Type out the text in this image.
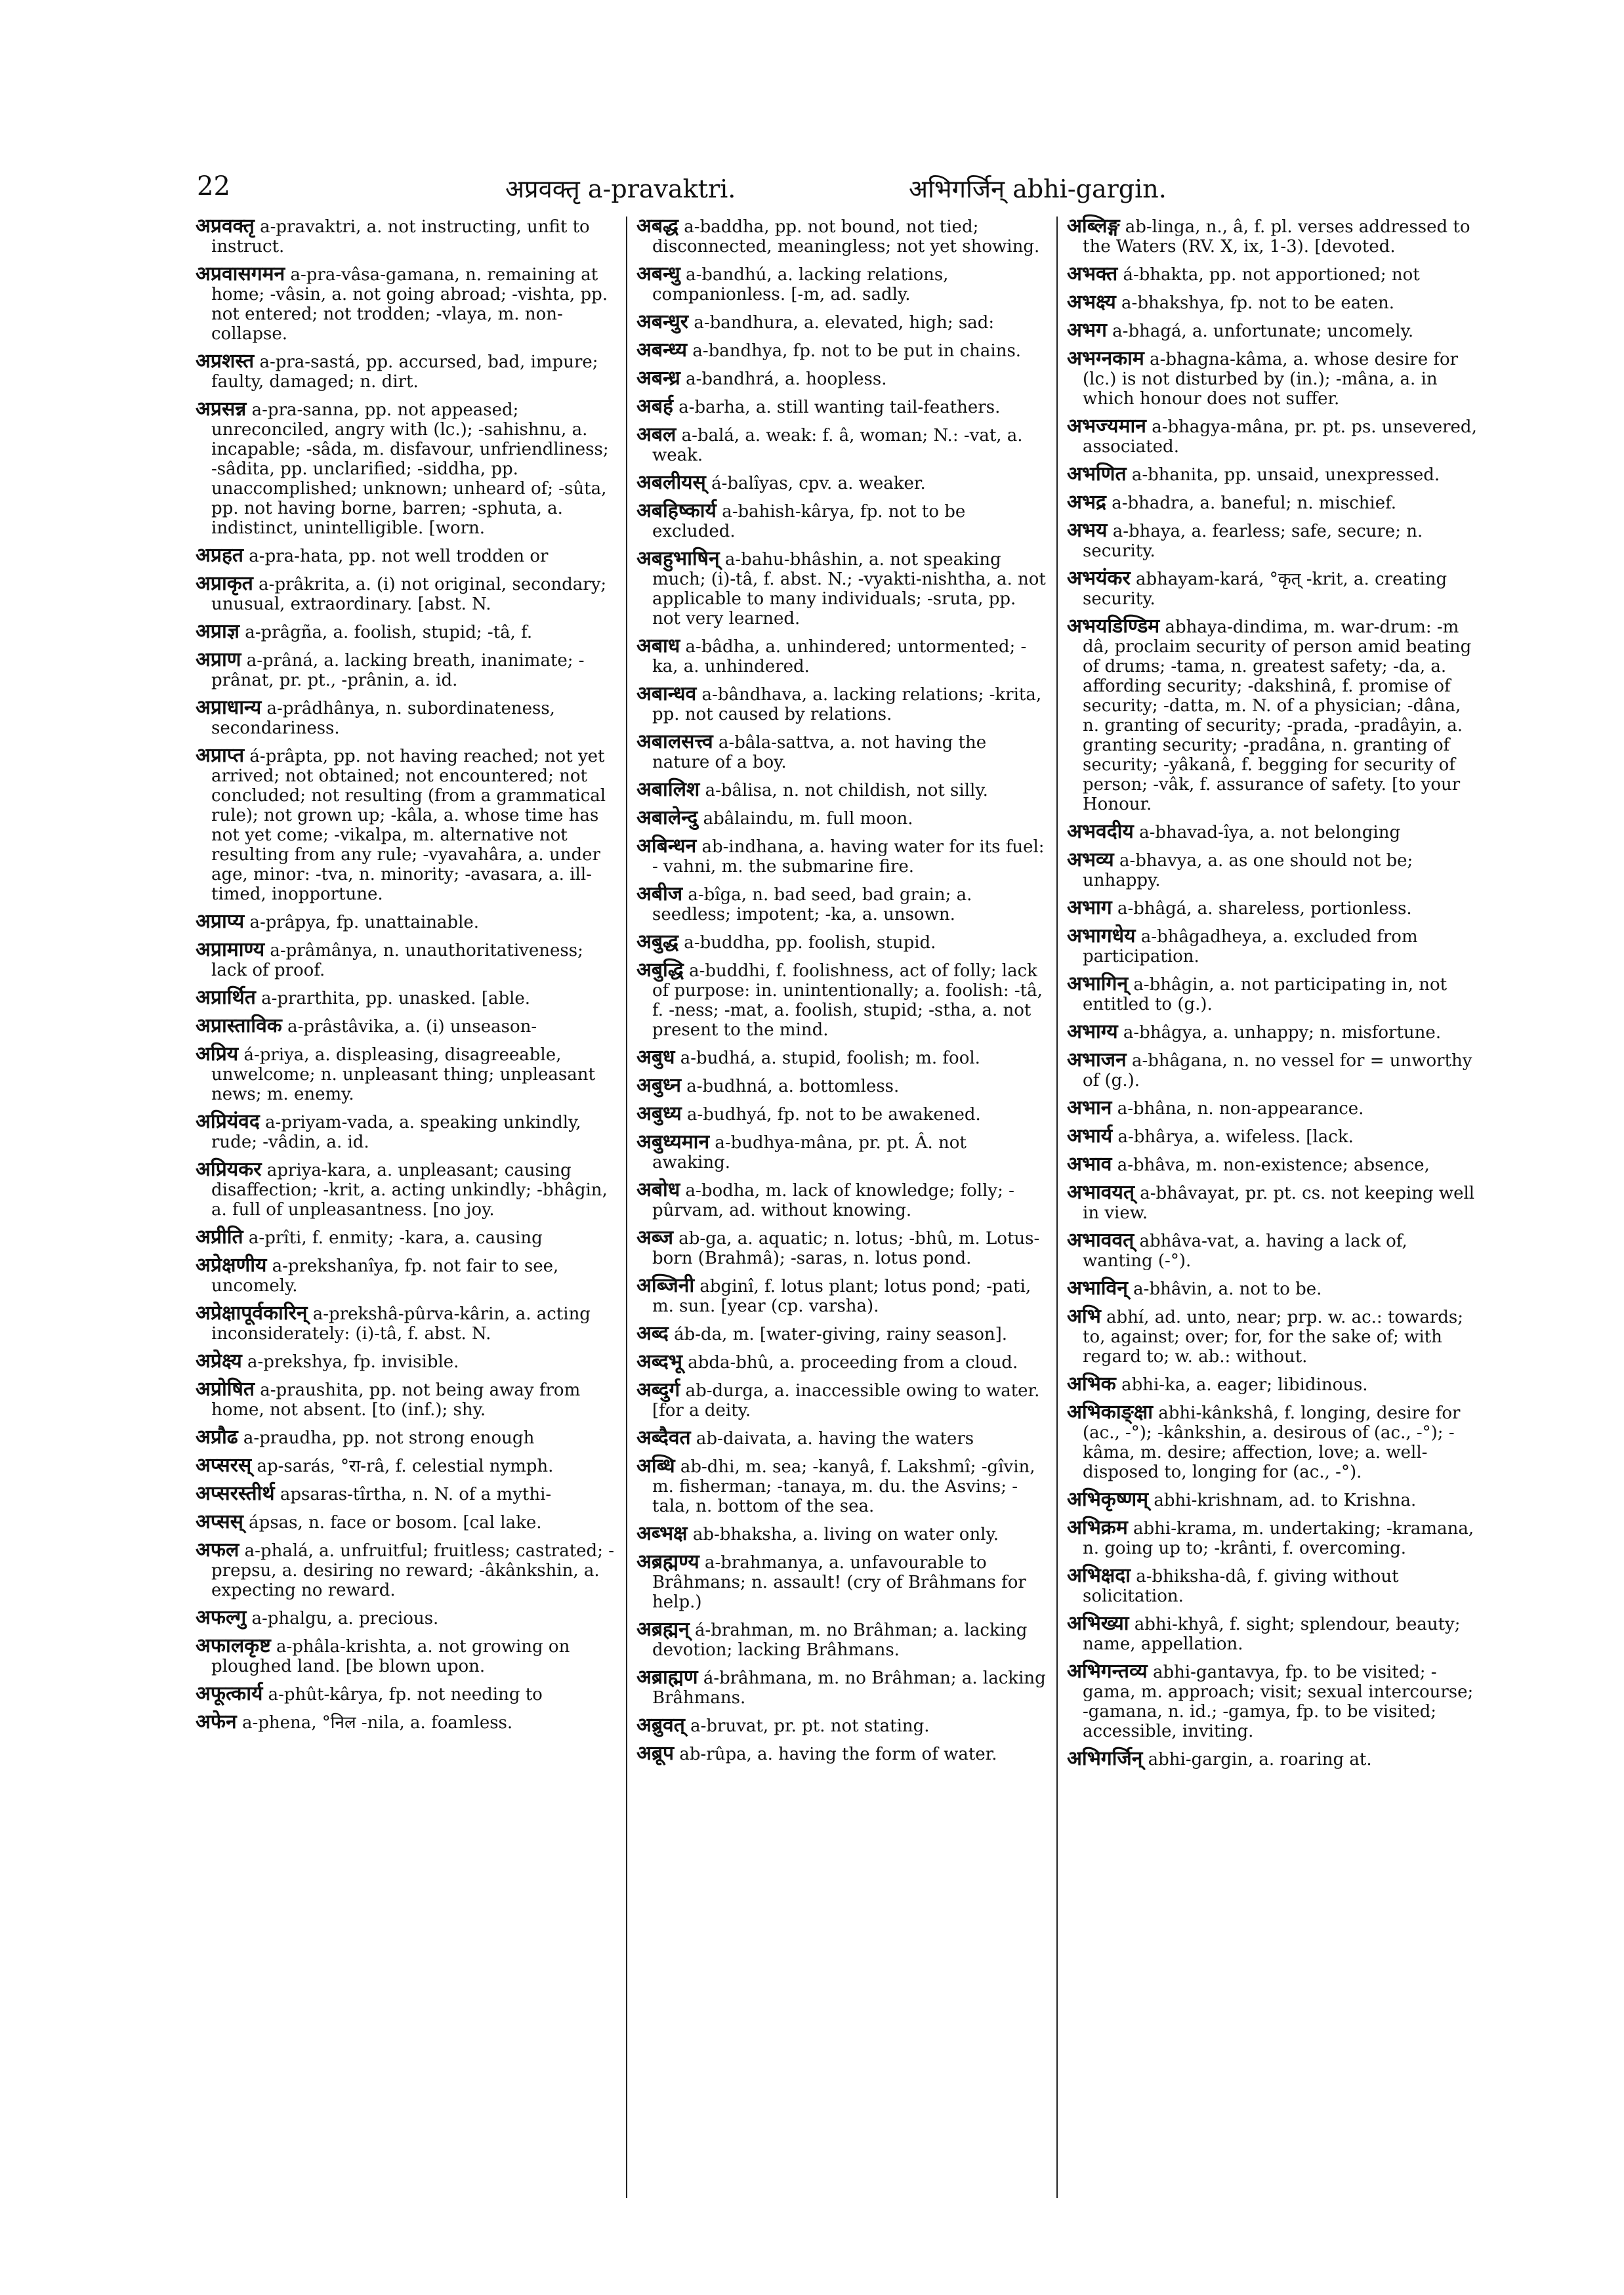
22	अप्रवक्तृ a-pravaktri.	अभिगर्जिन् abhi-gargin.

अप्रवक्तृ a-pravaktri, a. not instructing, unfit to instruct.

अप्रवासगमन a-pra-vâsa-gamana, n. remaining at home; -vâsin, a. not going abroad; -vishta, pp. not entered; not trodden; -vlaya, m. non-collapse.

अप्रशस्त a-pra-sastá, pp. accursed, bad, impure; faulty, damaged; n. dirt.

अप्रसन्न a-pra-sanna, pp. not appeased; unreconciled, angry with (lc.); -sahishnu, a. incapable; -sâda, m. disfavour, unfriendliness; -sâdita, pp. unclarified; -siddha, pp. unaccomplished; unknown; unheard of; -sûta, pp. not having borne, barren; -sphuta, a. indistinct, unintelligible. [worn.

अप्रहत a-pra-hata, pp. not well trodden or

अप्राकृत a-prâkrita, a. (i) not original, secondary; unusual, extraordinary. [abst. N.

अप्राज्ञ a-prâgña, a. foolish, stupid; -tâ, f.

अप्राण a-prâná, a. lacking breath, inanimate; -prânat, pr. pt., -prânin, a. id.

अप्राधान्य a-prâdhânya, n. subordinateness, secondariness.

अप्राप्त á-prâpta, pp. not having reached; not yet arrived; not obtained; not encountered; not concluded; not resulting (from a grammatical rule); not grown up; -kâla, a. whose time has not yet come; -vikalpa, m. alternative not resulting from any rule; -vyavahâra, a. under age, minor: -tva, n. minority; -avasara, a. ill-timed, inopportune.

अप्राप्य a-prâpya, fp. unattainable.

अप्रामाण्य a-prâmânya, n. unauthoritativeness; lack of proof.

अप्रार्थित a-prarthita, pp. unasked. [able.

अप्रास्ताविक a-prâstâvika, a. (i) unseason-

अप्रिय á-priya, a. displeasing, disagreeable, unwelcome; n. unpleasant thing; unpleasant news; m. enemy.

अप्रियंवद a-priyam-vada, a. speaking unkindly, rude; -vâdin, a. id.

अप्रियकर apriya-kara, a. unpleasant; causing disaffection; -krit, a. acting unkindly; -bhâgin, a. full of unpleasantness. [no joy.

अप्रीति a-prîti, f. enmity; -kara, a. causing

अप्रेक्षणीय a-prekshanîya, fp. not fair to see, uncomely.

अप्रेक्षापूर्वकारिन् a-prekshâ-pûrva-kârin, a. acting inconsiderately: (i)-tâ, f. abst. N.

अप्रेक्ष्य a-prekshya, fp. invisible.

अप्रोषित a-praushita, pp. not being away from home, not absent. [to (inf.); shy.

अप्रौढ a-praudha, pp. not strong enough

अप्सरस् ap-sarás, °रा-râ, f. celestial nymph.

अप्सरस्तीर्थ apsaras-tîrtha, n. N. of a mythi-

अप्सस् ápsas, n. face or bosom. [cal lake.

अफल a-phalá, a. unfruitful; fruitless; castrated; -prepsu, a. desiring no reward; -âkânkshin, a. expecting no reward.

अफल्गु a-phalgu, a. precious.

अफालकृष्ट a-phâla-krishta, a. not growing on ploughed land. [be blown upon.

अफूत्कार्य a-phût-kârya, fp. not needing to

अफेन a-phena, °निल -nila, a. foamless.

अबद्ध a-baddha, pp. not bound, not tied; disconnected, meaningless; not yet showing.

अबन्धु a-bandhú, a. lacking relations, companionless. [-m, ad. sadly.

अबन्धुर a-bandhura, a. elevated, high; sad:

अबन्ध्य a-bandhya, fp. not to be put in chains.

अबन्ध्र a-bandhrá, a. hoopless.

अबर्ह a-barha, a. still wanting tail-feathers.

अबल a-balá, a. weak: f. â, woman; N.: -vat, a. weak.

अबलीयस् á-balîyas, cpv. a. weaker.

अबहिष्कार्य a-bahish-kârya, fp. not to be excluded.

अबहुभाषिन् a-bahu-bhâshin, a. not speaking much; (i)-tâ, f. abst. N.; -vyakti-nishtha, a. not applicable to many individuals; -sruta, pp. not very learned.

अबाध a-bâdha, a. unhindered; untormented; -ka, a. unhindered.

अबान्धव a-bândhava, a. lacking relations; -krita, pp. not caused by relations.

अबालसत्त्व a-bâla-sattva, a. not having the nature of a boy.

अबालिश a-bâlisa, n. not childish, not silly.

अबालेन्दु abâlaindu, m. full moon.

अबिन्धन ab-indhana, a. having water for its fuel: - vahni, m. the submarine fire.

अबीज a-bîga, n. bad seed, bad grain; a. seedless; impotent; -ka, a. unsown.

अबुद्ध a-buddha, pp. foolish, stupid.

अबुद्धि a-buddhi, f. foolishness, act of folly; lack of purpose: in. unintentionally; a. foolish: -tâ, f. -ness; -mat, a. foolish, stupid; -stha, a. not present to the mind.

अबुध a-budhá, a. stupid, foolish; m. fool.

अबुध्न a-budhná, a. bottomless.

अबुध्य a-budhyá, fp. not to be awakened.

अबुध्यमान a-budhya-mâna, pr. pt. Â. not awaking.

अबोध a-bodha, m. lack of knowledge; folly; -pûrvam, ad. without knowing.

अब्ज ab-ga, a. aquatic; n. lotus; -bhû, m. Lotus-born (Brahmâ); -saras, n. lotus pond.

अब्जिनी abginî, f. lotus plant; lotus pond; -pati, m. sun. [year (cp. varsha).

अब्द áb-da, m. [water-giving, rainy season].

अब्दभू abda-bhû, a. proceeding from a cloud.

अब्दुर्ग ab-durga, a. inaccessible owing to water. [for a deity.

अब्दैवत ab-daivata, a. having the waters

अब्धि ab-dhi, m. sea; -kanyâ, f. Lakshmî; -gîvin, m. fisherman; -tanaya, m. du. the Asvins; -tala, n. bottom of the sea.

अब्भक्ष ab-bhaksha, a. living on water only.

अब्रह्मण्य a-brahmanya, a. unfavourable to Brâhmans; n. assault! (cry of Brâhmans for help.)

अब्रह्मन् á-brahman, m. no Brâhman; a. lacking devotion; lacking Brâhmans.

अब्राह्मण á-brâhmana, m. no Brâhman; a. lacking Brâhmans.

अब्रुवत् a-bruvat, pr. pt. not stating.

अब्रूप ab-rûpa, a. having the form of water.

अब्लिङ्ग ab-linga, n., â, f. pl. verses addressed to the Waters (RV. X, ix, 1-3). [devoted.

अभक्त á-bhakta, pp. not apportioned; not

अभक्ष्य a-bhakshya, fp. not to be eaten.

अभग a-bhagá, a. unfortunate; uncomely.

अभग्नकाम a-bhagna-kâma, a. whose desire for (lc.) is not disturbed by (in.); -mâna, a. in which honour does not suffer.

अभज्यमान a-bhagya-mâna, pr. pt. ps. unsevered, associated.

अभणित a-bhanita, pp. unsaid, unexpressed.

अभद्र a-bhadra, a. baneful; n. mischief.

अभय a-bhaya, a. fearless; safe, secure; n. security.

अभयंकर abhayam-kará, °कृत् -krit, a. creating security.

अभयडिण्डिम abhaya-dindima, m. war-drum: -m dâ, proclaim security of person amid beating of drums; -tama, n. greatest safety; -da, a. affording security; -dakshinâ, f. promise of security; -datta, m. N. of a physician; -dâna, n. granting of security; -prada, -pradâyin, a. granting security; -pradâna, n. granting of security; -yâkanâ, f. begging for security of person; -vâk, f. assurance of safety. [to your Honour.

अभवदीय a-bhavad-îya, a. not belonging

अभव्य a-bhavya, a. as one should not be; unhappy.

अभाग a-bhâgá, a. shareless, portionless.

अभागधेय a-bhâgadheya, a. excluded from participation.

अभागिन् a-bhâgin, a. not participating in, not entitled to (g.).

अभाग्य a-bhâgya, a. unhappy; n. misfortune.

अभाजन a-bhâgana, n. no vessel for = unworthy of (g.).

अभान a-bhâna, n. non-appearance.

अभार्य a-bhârya, a. wifeless. [lack.

अभाव a-bhâva, m. non-existence; absence,

अभावयत् a-bhâvayat, pr. pt. cs. not keeping well in view.

अभाववत् abhâva-vat, a. having a lack of, wanting (-°).

अभाविन् a-bhâvin, a. not to be.

अभि abhí, ad. unto, near; prp. w. ac.: towards; to, against; over; for, for the sake of; with regard to; w. ab.: without.

अभिक abhi-ka, a. eager; libidinous.

अभिकाङ्क्षा abhi-kânkshâ, f. longing, desire for (ac., -°); -kânkshin, a. desirous of (ac., -°); -kâma, m. desire; affection, love; a. well-disposed to, longing for (ac., -°).

अभिकृष्णम् abhi-krishnam, ad. to Krishna.

अभिक्रम abhi-krama, m. undertaking; -kramana, n. going up to; -krânti, f. overcoming.

अभिक्षदा a-bhiksha-dâ, f. giving without solicitation.

अभिख्या abhi-khyâ, f. sight; splendour, beauty; name, appellation.

अभिगन्तव्य abhi-gantavya, fp. to be visited; -gama, m. approach; visit; sexual intercourse; -gamana, n. id.; -gamya, fp. to be visited; accessible, inviting.

अभिगर्जिन् abhi-gargin, a. roaring at.
